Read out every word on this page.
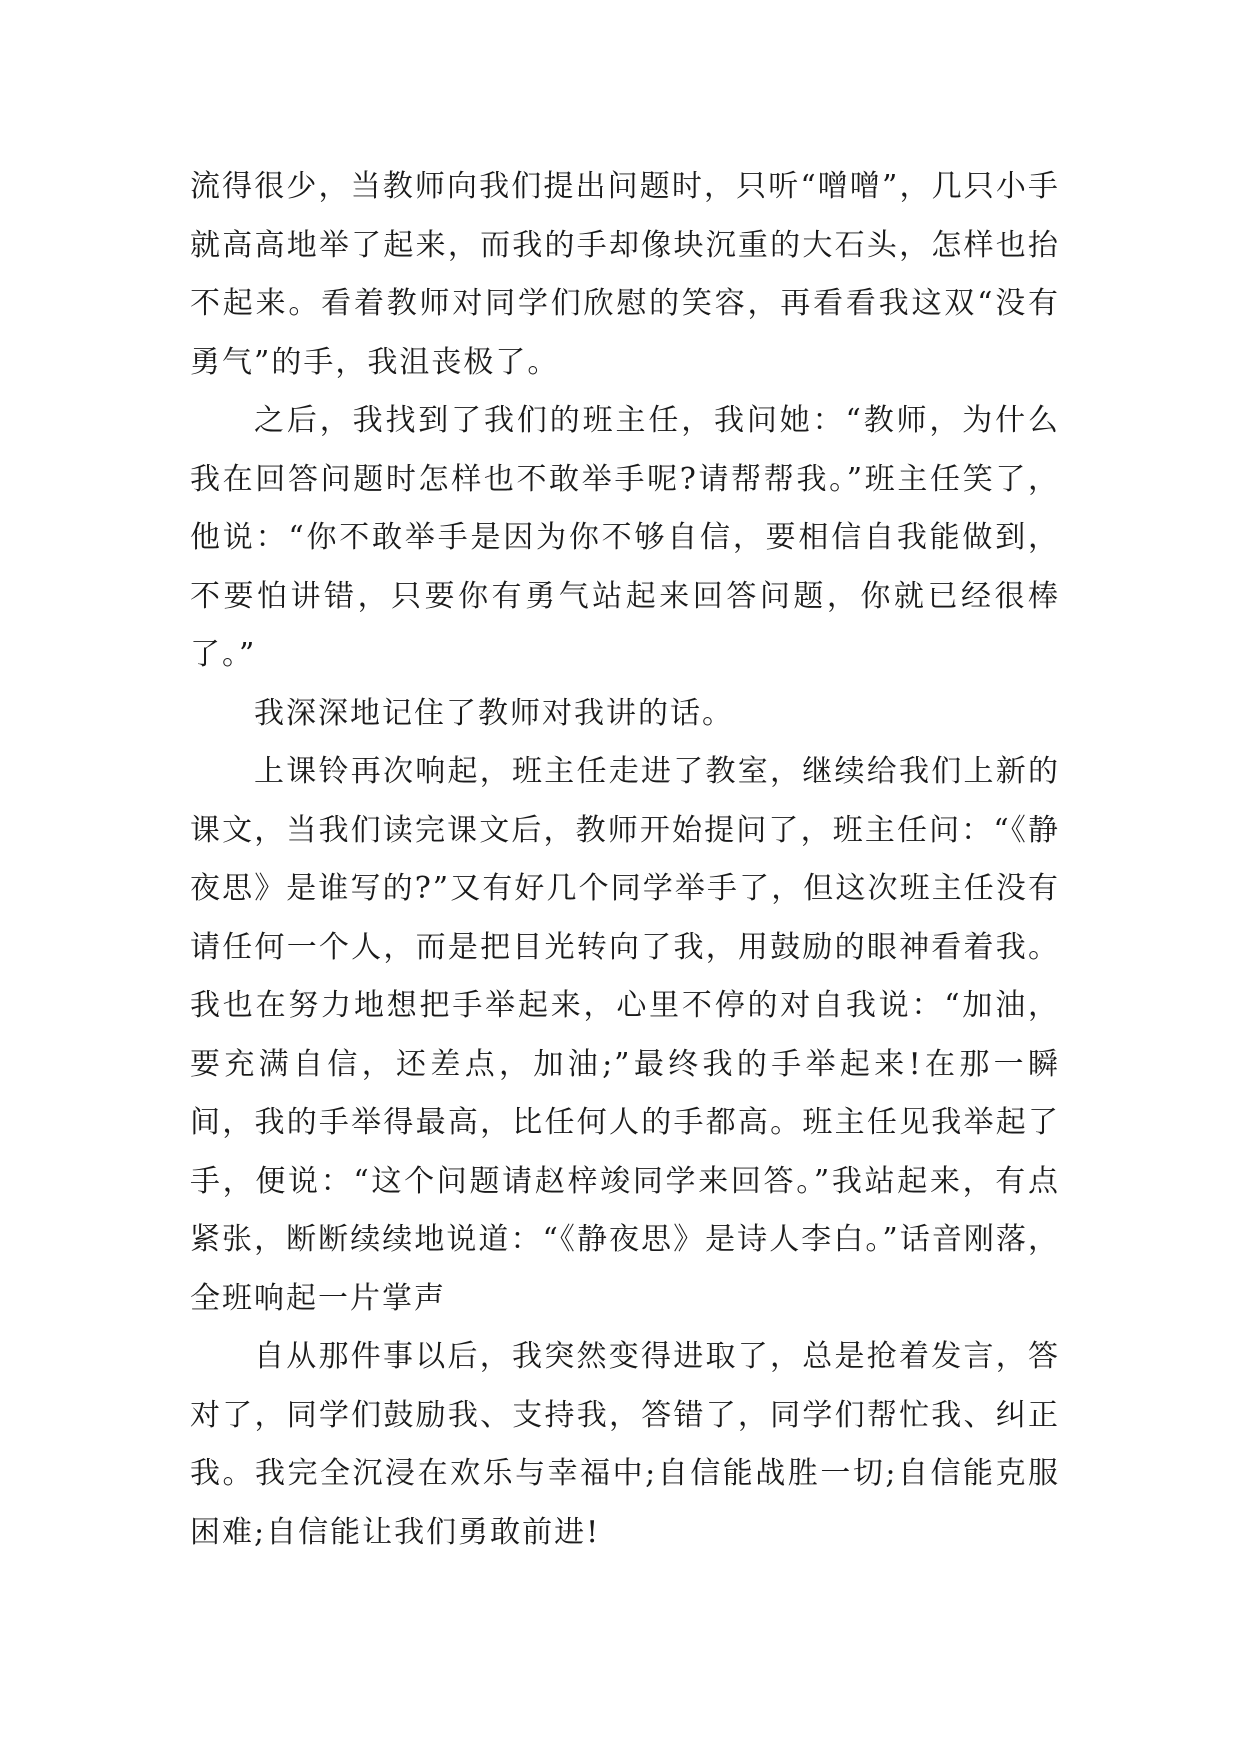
流得很少，当教师向我们提出问题时，只听“噌噌”，几只小手就高高地举了起来，而我的手却像块沉重的大石头，怎样也抬不起来。看着教师对同学们欣慰的笑容，再看看我这双“没有勇气”的手，我沮丧极了。

之后，我找到了我们的班主任，我问她：“教师，为什么我在回答问题时怎样也不敢举手呢?请帮帮我。”班主任笑了，他说：“你不敢举手是因为你不够自信，要相信自我能做到，不要怕讲错，只要你有勇气站起来回答问题，你就已经很棒了。”

我深深地记住了教师对我讲的话。

上课铃再次响起，班主任走进了教室，继续给我们上新的课文，当我们读完课文后，教师开始提问了，班主任问：“《静夜思》是谁写的?”又有好几个同学举手了，但这次班主任没有请任何一个人，而是把目光转向了我，用鼓励的眼神看着我。我也在努力地想把手举起来，心里不停的对自我说：“加油，要充满自信，还差点，加油;”最终我的手举起来!在那一瞬间，我的手举得最高，比任何人的手都高。班主任见我举起了手，便说：“这个问题请赵梓竣同学来回答。”我站起来，有点紧张，断断续续地说道：“《静夜思》是诗人李白。”话音刚落，全班响起一片掌声

自从那件事以后，我突然变得进取了，总是抢着发言，答对了，同学们鼓励我、支持我，答错了，同学们帮忙我、纠正我。我完全沉浸在欢乐与幸福中;自信能战胜一切;自信能克服困难;自信能让我们勇敢前进!
